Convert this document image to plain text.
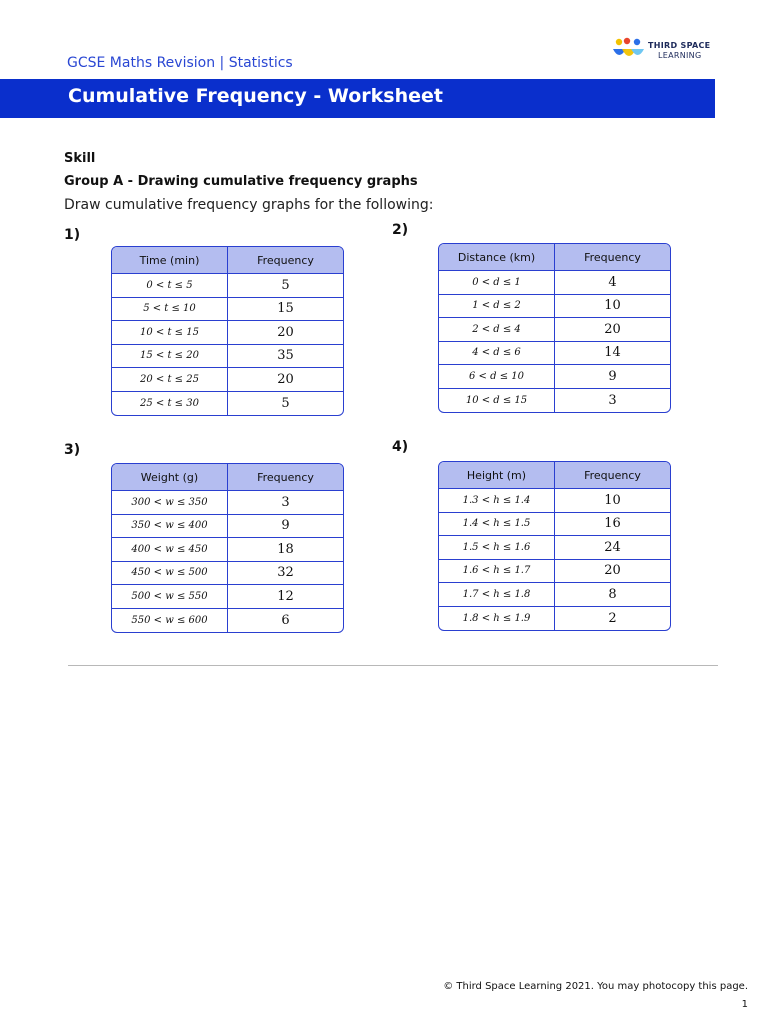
GCSE Maths Revision | Statistics
THIRD SPACE
LEARNING
Cumulative Frequency - Worksheet
Skill
Group A - Drawing cumulative frequency graphs
Draw cumulative frequency graphs for the following:
1)	2)
3)	4)
Time (min)	Frequency
0 < t ≤ 5	5
5 < t ≤ 10	15
10 < t ≤ 15	20
15 < t ≤ 20	35
20 < t ≤ 25	20
25 < t ≤ 30	5
Distance (km)	Frequency
0 < d ≤ 1	4
1 < d ≤ 2	10
2 < d ≤ 4	20
4 < d ≤ 6	14
6 < d ≤ 10	9
10 < d ≤ 15	3
Weight (g)	Frequency
300 < w ≤ 350	3
350 < w ≤ 400	9
400 < w ≤ 450	18
450 < w ≤ 500	32
500 < w ≤ 550	12
550 < w ≤ 600	6
Height (m)	Frequency
1.3 < h ≤ 1.4	10
1.4 < h ≤ 1.5	16
1.5 < h ≤ 1.6	24
1.6 < h ≤ 1.7	20
1.7 < h ≤ 1.8	8
1.8 < h ≤ 1.9	2
© Third Space Learning 2021. You may photocopy this page.
1
